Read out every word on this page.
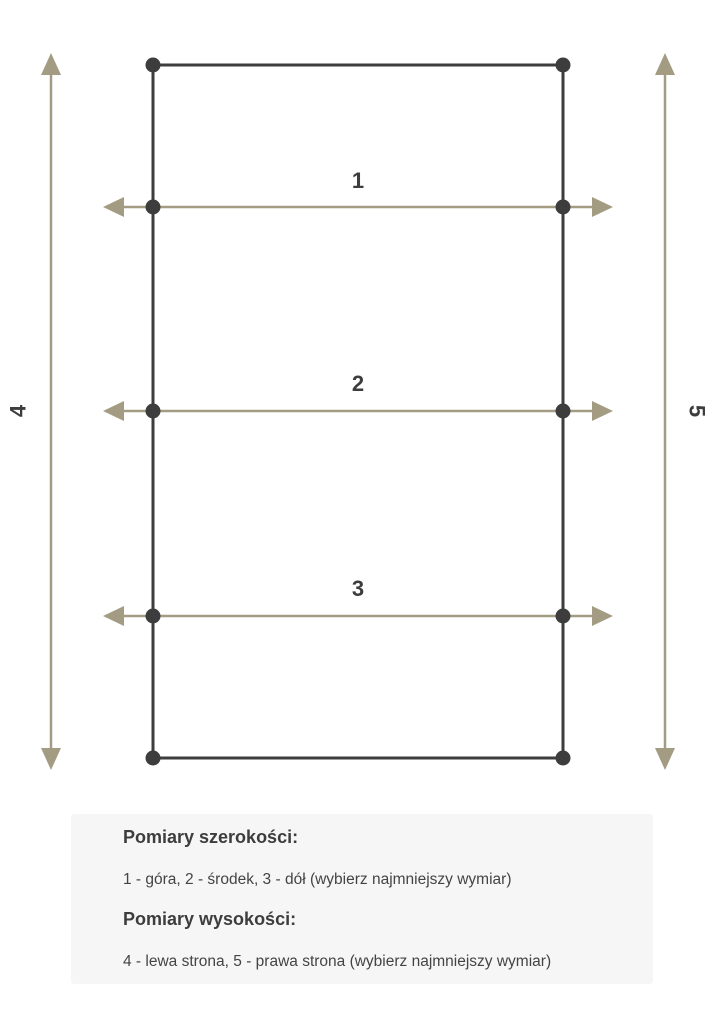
1
2
3
4	5
Pomiary szerokości:
1 - góra, 2 - środek, 3 - dół (wybierz najmniejszy wymiar)
Pomiary wysokości:
4 - lewa strona, 5 - prawa strona (wybierz najmniejszy wymiar)
